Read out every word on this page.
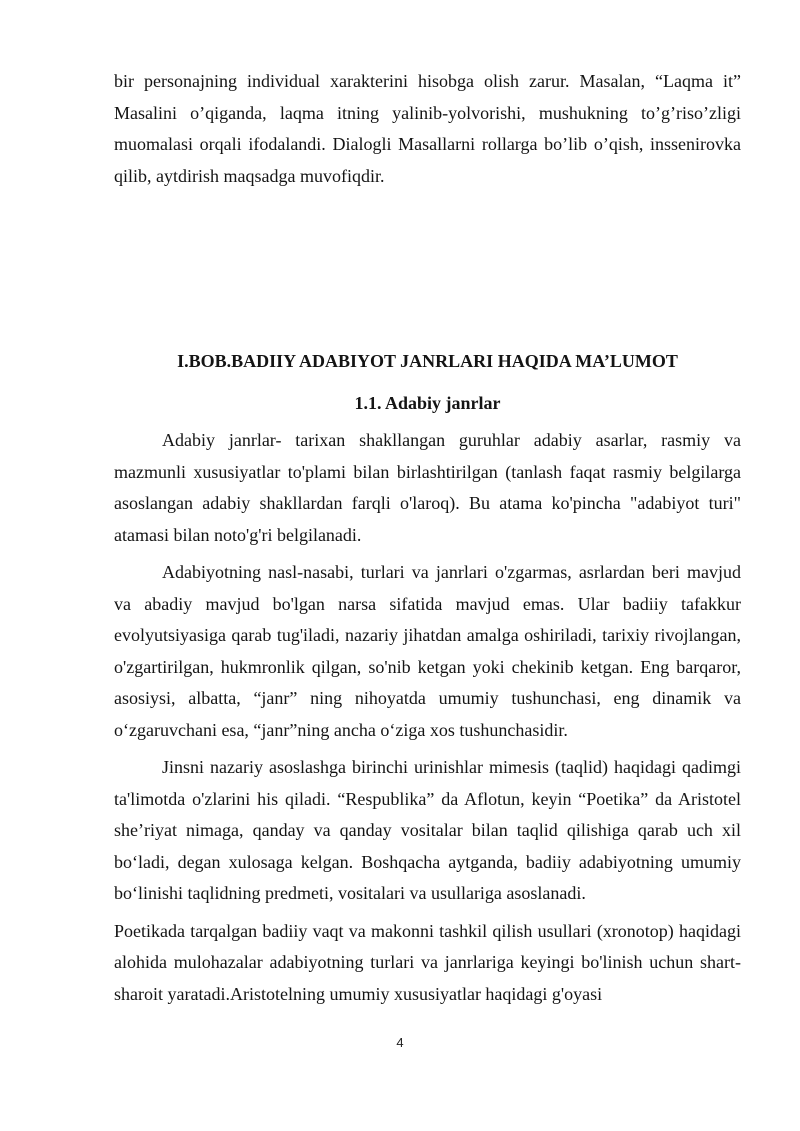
bir personajning individual xarakterini hisobga olish zarur. Masalan, “Laqma it” Masalini o’qiganda, laqma itning yalinib-yolvorishi, mushukning to’g’riso’zligi muomalasi orqali ifodalandi. Dialogli Masallarni rollarga bo’lib o’qish, inssenirovka qilib, aytdirish maqsadga muvofiqdir.

I.BOB.BADIIY ADABIYOT JANRLARI HAQIDA MA’LUMOT
1.1. Adabiy janrlar

Adabiy janrlar- tarixan shakllangan guruhlar adabiy asarlar, rasmiy va mazmunli xususiyatlar to'plami bilan birlashtirilgan (tanlash faqat rasmiy belgilarga asoslangan adabiy shakllardan farqli o'laroq). Bu atama ko'pincha "adabiyot turi" atamasi bilan noto'g'ri belgilanadi.

Adabiyotning nasl-nasabi, turlari va janrlari o'zgarmas, asrlardan beri mavjud va abadiy mavjud bo'lgan narsa sifatida mavjud emas. Ular badiiy tafakkur evolyutsiyasiga qarab tug'iladi, nazariy jihatdan amalga oshiriladi, tarixiy rivojlangan, o'zgartirilgan, hukmronlik qilgan, so'nib ketgan yoki chekinib ketgan. Eng barqaror, asosiysi, albatta, “janr” ning nihoyatda umumiy tushunchasi, eng dinamik va o‘zgaruvchani esa, “janr”ning ancha o‘ziga xos tushunchasidir.

Jinsni nazariy asoslashga birinchi urinishlar mimesis (taqlid) haqidagi qadimgi ta'limotda o'zlarini his qiladi. “Respublika” da Aflotun, keyin “Poetika” da Aristotel she’riyat nimaga, qanday va qanday vositalar bilan taqlid qilishiga qarab uch xil bo‘ladi, degan xulosaga kelgan. Boshqacha aytganda, badiiy adabiyotning umumiy bo‘linishi taqlidning predmeti, vositalari va usullariga asoslanadi.

Poetikada tarqalgan badiiy vaqt va makonni tashkil qilish usullari (xronotop) haqidagi alohida mulohazalar adabiyotning turlari va janrlariga keyingi bo'linish uchun shart-sharoit yaratadi.Aristotelning umumiy xususiyatlar haqidagi g'oyasi

4
